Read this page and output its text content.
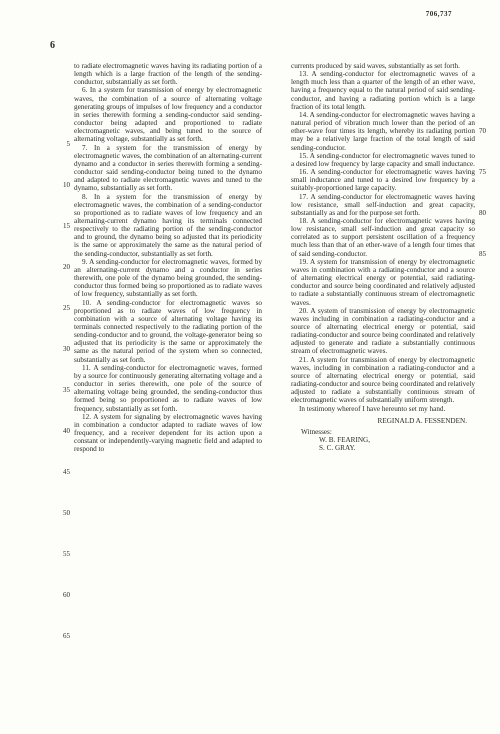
6
706,737

to radiate electromagnetic waves having its radiating portion of a length which is a large fraction of the length of the sending-conductor, substantially as set forth.

6. In a system for transmission of energy by electromagnetic waves, the combination of a source of alternating voltage generating groups of impulses of low frequency and a conductor in series therewith forming a sending-conductor said sending-conductor being adapted and proportioned to radiate electromagnetic waves, and being tuned to the source of alternating voltage, substantially as set forth.

7. In a system for the transmission of energy by electromagnetic waves, the combination of an alternating-current dynamo and a conductor in series therewith forming a sending-conductor said sending-conductor being tuned to the dynamo and adapted to radiate electromagnetic waves and tuned to the dynamo, substantially as set forth.

8. In a system for the transmission of energy by electromagnetic waves, the combination of a sending-conductor so proportioned as to radiate waves of low frequency and an alternating-current dynamo having its terminals connected respectively to the radiating portion of the sending-conductor and to ground, the dynamo being so adjusted that its periodicity is the same or approximately the same as the natural period of the sending-conductor, substantially as set forth.

9. A sending-conductor for electromagnetic waves, formed by an alternating-current dynamo and a conductor in series therewith, one pole of the dynamo being grounded, the sending-conductor thus formed being so proportioned as to radiate waves of low frequency, substantially as set forth.

10. A sending-conductor for electromagnetic waves so proportioned as to radiate waves of low frequency in combination with a source of alternating voltage having its terminals connected respectively to the radiating portion of the sending-conductor and to ground, the voltage-generator being so adjusted that its periodicity is the same or approximately the same as the natural period of the system when so connected, substantially as set forth.

11. A sending-conductor for electromagnetic waves, formed by a source for continuously generating alternating voltage and a conductor in series therewith, one pole of the source of alternating voltage being grounded, the sending-conductor thus formed being so proportioned as to radiate waves of low frequency, substantially as set forth.

12. A system for signaling by electromagnetic waves having in combination a conductor adapted to radiate waves of low frequency, and a receiver dependent for its action upon a constant or independently-varying magnetic field and adapted to respond to

currents produced by said waves, substantially as set forth.

13. A sending-conductor for electromagnetic waves of a length much less than a quarter of the length of an ether wave, having a frequency equal to the natural period of said sending-conductor, and having a radiating portion which is a large fraction of its total length.

14. A sending-conductor for electromagnetic waves having a natural period of vibration much lower than the period of an ether-wave four times its length, whereby its radiating portion may be a relatively large fraction of the total length of said sending-conductor.

15. A sending-conductor for electromagnetic waves tuned to a desired low frequency by large capacity and small inductance.

16. A sending-conductor for electromagnetic waves having small inductance and tuned to a desired low frequency by a suitably-proportioned large capacity.

17. A sending-conductor for electromagnetic waves having low resistance, small self-induction and great capacity, substantially as and for the purpose set forth.

18. A sending-conductor for electromagnetic waves having low resistance, small self-induction and great capacity so correlated as to support persistent oscillation of a frequency much less than that of an ether-wave of a length four times that of said sending-conductor.

19. A system for transmission of energy by electromagnetic waves in combination with a radiating-conductor and a source of alternating electrical energy or potential, said radiating-conductor and source being coordinated and relatively adjusted to radiate a substantially continuous stream of electromagnetic waves.

20. A system of transmission of energy by electromagnetic waves including in combination a radiating-conductor and a source of alternating electrical energy or potential, said radiating-conductor and source being coordinated and relatively adjusted to generate and radiate a substantially continuous stream of electromagnetic waves.

21. A system for transmission of energy by electromagnetic waves, including in combination a radiating-conductor and a source of alternating electrical energy or potential, said radiating-conductor and source being coordinated and relatively adjusted to radiate a substantially continuous stream of electromagnetic waves of substantially uniform strength.

In testimony whereof I have hereunto set my hand.

REGINALD A. FESSENDEN.
Witnesses:
W. B. FEARING,
S. C. GRAY.
5
10
15
20
25
30
35
40
45
50
55
60
65
70
75
80
85
